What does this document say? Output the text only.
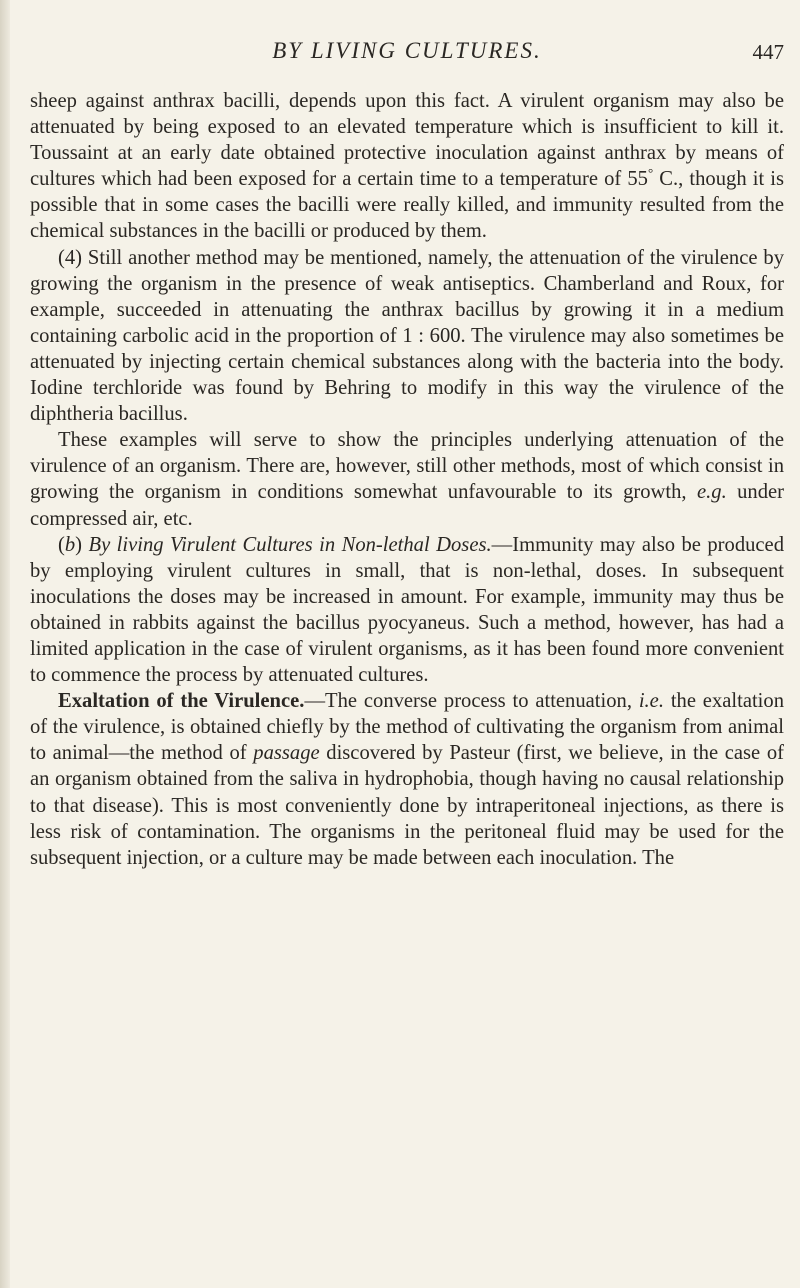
BY LIVING CULTURES.	447

sheep against anthrax bacilli, depends upon this fact. A virulent organism may also be attenuated by being exposed to an elevated temperature which is insufficient to kill it. Toussaint at an early date obtained protective inoculation against anthrax by means of cultures which had been exposed for a certain time to a temperature of 55° C., though it is possible that in some cases the bacilli were really killed, and immunity resulted from the chemical substances in the bacilli or produced by them.

(4) Still another method may be mentioned, namely, the attenuation of the virulence by growing the organism in the presence of weak antiseptics. Chamberland and Roux, for example, succeeded in attenuating the anthrax bacillus by growing it in a medium containing carbolic acid in the proportion of 1 : 600. The virulence may also sometimes be attenuated by injecting certain chemical substances along with the bacteria into the body. Iodine terchloride was found by Behring to modify in this way the virulence of the diphtheria bacillus.

These examples will serve to show the principles underlying attenuation of the virulence of an organism. There are, however, still other methods, most of which consist in growing the organism in conditions somewhat unfavourable to its growth, e.g. under compressed air, etc.

(b) By living Virulent Cultures in Non-lethal Doses.—Immunity may also be produced by employing virulent cultures in small, that is non-lethal, doses. In subsequent inoculations the doses may be increased in amount. For example, immunity may thus be obtained in rabbits against the bacillus pyocyaneus. Such a method, however, has had a limited application in the case of virulent organisms, as it has been found more convenient to commence the process by attenuated cultures.

Exaltation of the Virulence.—The converse process to attenuation, i.e. the exaltation of the virulence, is obtained chiefly by the method of cultivating the organism from animal to animal—the method of passage discovered by Pasteur (first, we believe, in the case of an organism obtained from the saliva in hydrophobia, though having no causal relationship to that disease). This is most conveniently done by intraperitoneal injections, as there is less risk of contamination. The organisms in the peritoneal fluid may be used for the subsequent injection, or a culture may be made between each inoculation. The
